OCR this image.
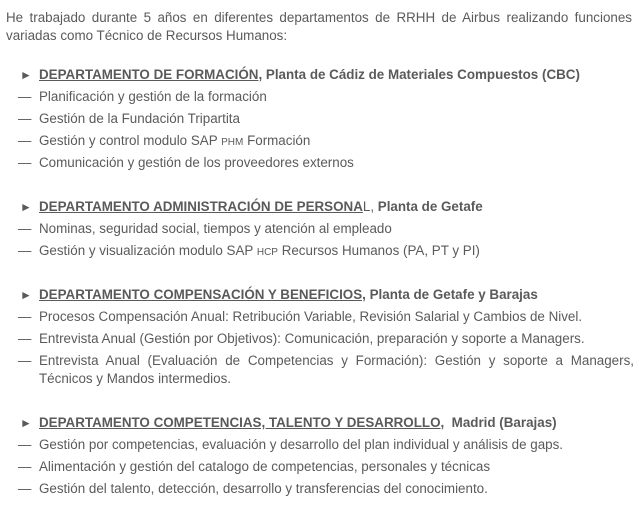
He trabajado durante 5 años en diferentes departamentos de RRHH de Airbus realizando funciones variadas como Técnico de Recursos Humanos:
► DEPARTAMENTO DE FORMACIÓN, Planta de Cádiz de Materiales Compuestos (CBC)
— Planificación y gestión de la formación
— Gestión de la Fundación Tripartita
— Gestión y control modulo SAP PHM Formación
— Comunicación y gestión de los proveedores externos
► DEPARTAMENTO ADMINISTRACIÓN DE PERSONAL, Planta de Getafe
— Nominas, seguridad social, tiempos y atención al empleado
— Gestión y visualización modulo SAP HCP Recursos Humanos (PA, PT y PI)
► DEPARTAMENTO COMPENSACIÓN Y BENEFICIOS, Planta de Getafe y Barajas
— Procesos Compensación Anual: Retribución Variable, Revisión Salarial y Cambios de Nivel.
— Entrevista Anual (Gestión por Objetivos): Comunicación, preparación y soporte a Managers.
— Entrevista Anual (Evaluación de Competencias y Formación): Gestión y soporte a Managers, Técnicos y Mandos intermedios.
► DEPARTAMENTO COMPETENCIAS, TALENTO Y DESARROLLO,  Madrid (Barajas)
— Gestión por competencias, evaluación y desarrollo del plan individual y análisis de gaps.
— Alimentación y gestión del catalogo de competencias, personales y técnicas
— Gestión del talento, detección, desarrollo y transferencias del conocimiento.
